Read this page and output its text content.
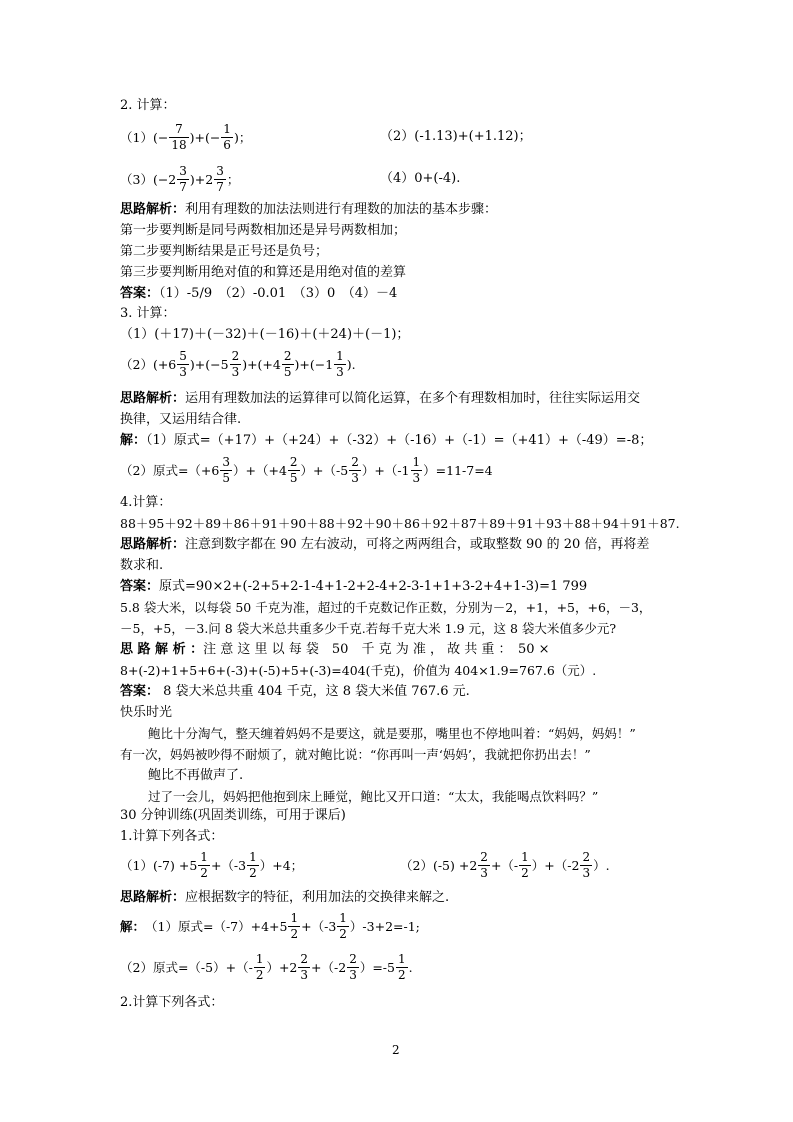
2. 计算：
$(1)(- \frac{7}{18}$ )+(− $\frac{1}{6}$ )；	（2）(-1.13)+(+1.12)；
$(3)(-2 \frac{3}{7} )+2 \frac{3}{7}$ ；	（4）0+(-4).
思路解析：利用有理数的加法法则进行有理数的加法的基本步骤：
第一步要判断是同号两数相加还是异号两数相加；
第二步要判断结果是正号还是负号；
第三步要判断用绝对值的和算还是用绝对值的差算
答案：（1）-5/9　（2）-0.01　（3）0　（4）－4
3. 计算：
（1）(＋17)＋(－32)＋(－16)＋(＋24)＋(－1)；
$(2)(+6 \frac{5}{3} )+(-5 \frac{2}{3} )+(+4 \frac{2}{5} )+(-1 \frac{1}{3}$ ).
思路解析：运用有理数加法的运算律可以简化运算，在多个有理数相加时，往往实际运用交
换律，又运用结合律.
解：（1）原式=（+17）+（+24）+（-32）+（-16）+（-1）=（+41）+（-49）=-8；
（2）原式$=(+6 \frac{3}{5} )+(+4 \frac{2}{5} )+(-5 \frac{2}{3} )+(-1 \frac{1}{3} )=11-7=4$
4.计算：
88＋95＋92＋89＋86＋91＋90＋88＋92＋90＋86＋92＋87＋89＋91＋93＋88＋94＋91＋87.
思路解析：注意到数字都在 90 左右波动，可将之两两组合，或取整数 90 的 20 倍，再将差
数求和.
答案：原式=90×2+(-2+5+2-1-4+1-2+2-4+2-3-1+1+3-2+4+1-3)=1 799
5.8 袋大米，以每袋 50 千克为准，超过的千克数记作正数，分别为－2，+1，+5，+6，－3，
－5，+5，－3.问 8 袋大米总共重多少千克.若每千克大米 1.9 元，这 8 袋大米值多少元?
思 路 解 析 ：注 意 这 里 以 每 袋　50　千 克 为 准 ， 故 共 重 ：　50 ×
8+(-2)+1+5+6+(-3)+(-5)+5+(-3)=404(千克)，价值为 404×1.9=767.6（元）.
答案： 8 袋大米总共重 404 千克，这 8 袋大米值 767.6 元.
快乐时光
鲍比十分淘气，整天缠着妈妈不是要这，就是要那，嘴里也不停地叫着：“妈妈，妈妈！”
有一次，妈妈被吵得不耐烦了，就对鲍比说：“你再叫一声‘妈妈’，我就把你扔出去！”
鲍比不再做声了.
过了一会儿，妈妈把他抱到床上睡觉，鲍比又开口道：“太太，我能喝点饮料吗？”
30 分钟训练(巩固类训练，可用于课后)
1.计算下列各式：
$(1)(-7) +5 \frac{1}{2} +(-3 \frac{1}{2} )+4$；	$(2)(-5) +2 \frac{2}{3}$ +（- $\frac{1}{2} )+(-2 \frac{2}{3}$ ）.
思路解析：应根据数字的特征，利用加法的交换律来解之.
解： （1）原式$=(-7)+4+5 \frac{1}{2} +(-3 \frac{1}{2} )-3+2=-1$;
（2）原式$=(-5)+(- \frac{1}{2} )+2 \frac{2}{3} +(-2 \frac{2}{3} )=-5 \frac{1}{2}$ .
2.计算下列各式：
2
